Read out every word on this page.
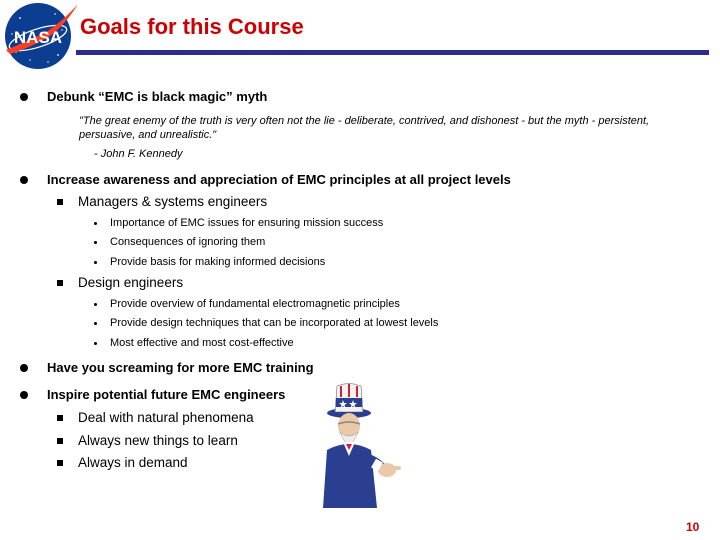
NASA Goals for this Course
Debunk “EMC is black magic” myth
"The great enemy of the truth is very often not the lie - deliberate, contrived, and dishonest - but the myth - persistent, persuasive, and unrealistic."
- John F. Kennedy
Increase awareness and appreciation of EMC principles at all project levels
Managers & systems engineers
Importance of EMC issues for ensuring mission success
Consequences of ignoring them
Provide basis for making informed decisions
Design engineers
Provide overview of fundamental electromagnetic principles
Provide design techniques that can be incorporated at lowest levels
Most effective and most cost-effective
Have you screaming for more EMC training
Inspire potential future EMC engineers
Deal with natural phenomena
Always new things to learn
Always in demand
10
